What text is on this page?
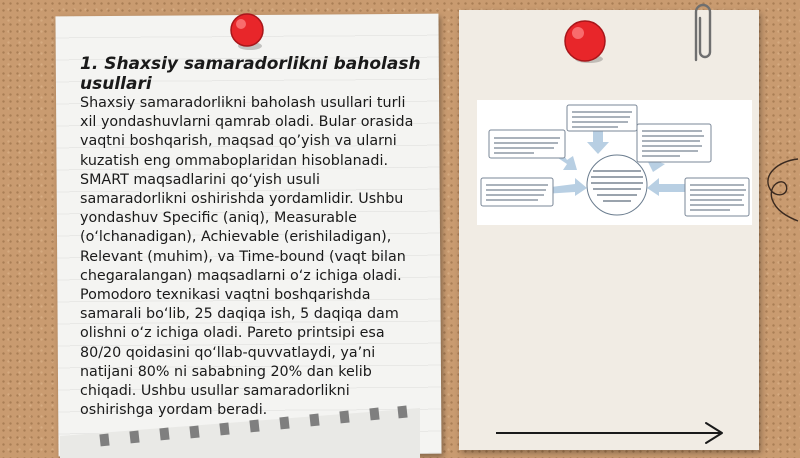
1. Shaxsiy samaradorlikni baholash usullari

Shaxsiy samaradorlikni baholash usullari turli xil yondashuvlarni qamrab oladi. Bular orasida vaqtni boshqarish, maqsad qo’yish va ularni kuzatish eng ommaboplaridan hisoblanadi. SMART maqsadlarini qo‘yish usuli samaradorlikni oshirishda yordamlidir. Ushbu yondashuv Specific (aniq), Measurable (o‘lchanadigan), Achievable (erishiladigan), Relevant (muhim), va Time-bound (vaqt bilan chegaralangan) maqsadlarni o‘z ichiga oladi. Pomodoro texnikasi vaqtni boshqarishda samarali bo‘lib, 25 daqiqa ish, 5 daqiqa dam olishni o‘z ichiga oladi. Pareto printsipi esa 80/20 qoidasini qo‘llab-quvvatlaydi, ya’ni natijani 80% ni sababning 20% dan kelib chiqadi. Ushbu usullar samaradorlikni oshirishga yordam beradi.
